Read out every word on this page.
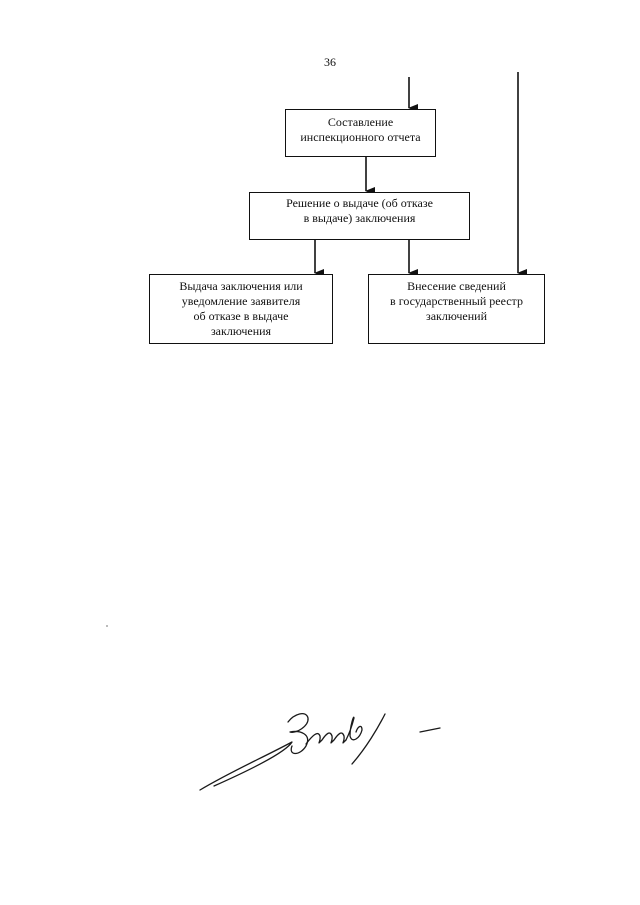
36
Составление
инспекционного отчета
Решение о выдаче (об отказе
в выдаче) заключения
Выдача заключения или
уведомление заявителя
об отказе в выдаче
заключения
Внесение сведений
в государственный реестр
заключений
